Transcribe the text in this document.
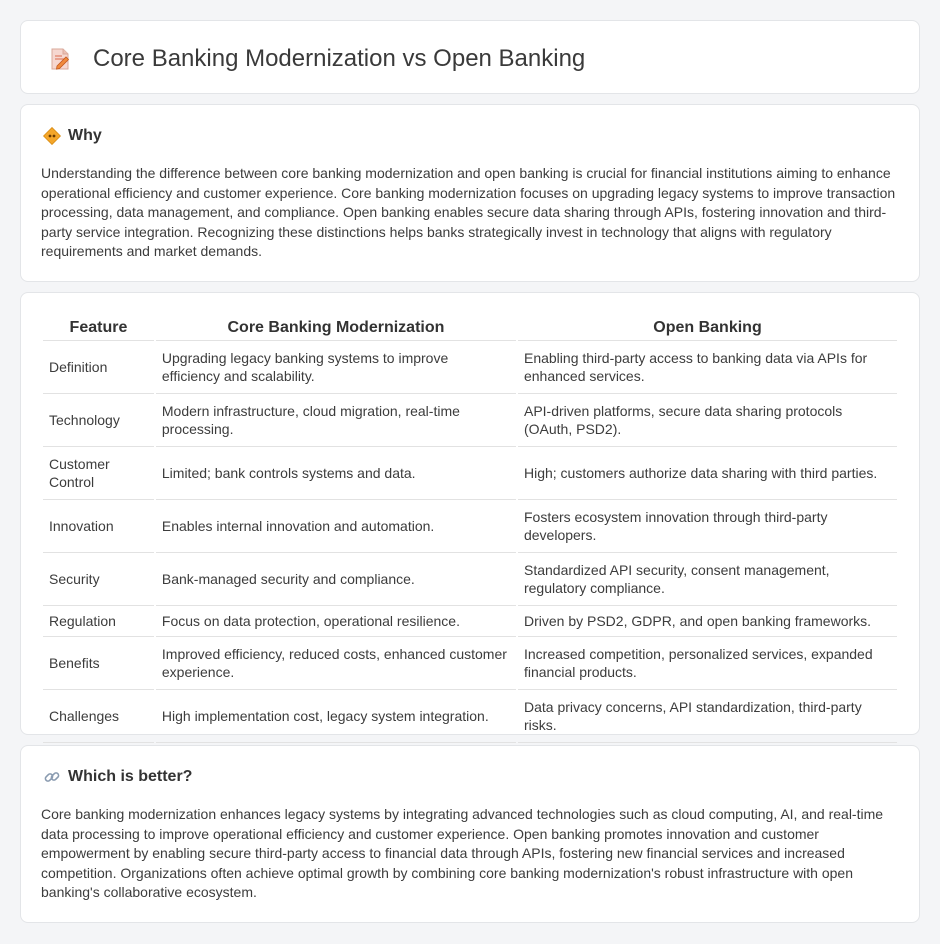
Core Banking Modernization vs Open Banking
Why

Understanding the difference between core banking modernization and open banking is crucial for financial institutions aiming to enhance operational efficiency and customer experience. Core banking modernization focuses on upgrading legacy systems to improve transaction processing, data management, and compliance. Open banking enables secure data sharing through APIs, fostering innovation and third-party service integration. Recognizing these distinctions helps banks strategically invest in technology that aligns with regulatory requirements and market demands.

Feature	Core Banking Modernization	Open Banking
Definition	Upgrading legacy banking systems to improve efficiency and scalability.	Enabling third-party access to banking data via APIs for enhanced services.
Technology	Modern infrastructure, cloud migration, real-time processing.	API-driven platforms, secure data sharing protocols (OAuth, PSD2).
Customer Control	Limited; bank controls systems and data.	High; customers authorize data sharing with third parties.
Innovation	Enables internal innovation and automation.	Fosters ecosystem innovation through third-party developers.
Security	Bank-managed security and compliance.	Standardized API security, consent management, regulatory compliance.
Regulation	Focus on data protection, operational resilience.	Driven by PSD2, GDPR, and open banking frameworks.
Benefits	Improved efficiency, reduced costs, enhanced customer experience.	Increased competition, personalized services, expanded financial products.
Challenges	High implementation cost, legacy system integration.	Data privacy concerns, API standardization, third-party risks.
Which is better?

Core banking modernization enhances legacy systems by integrating advanced technologies such as cloud computing, AI, and real-time data processing to improve operational efficiency and customer experience. Open banking promotes innovation and customer empowerment by enabling secure third-party access to financial data through APIs, fostering new financial services and increased competition. Organizations often achieve optimal growth by combining core banking modernization's robust infrastructure with open banking's collaborative ecosystem.
